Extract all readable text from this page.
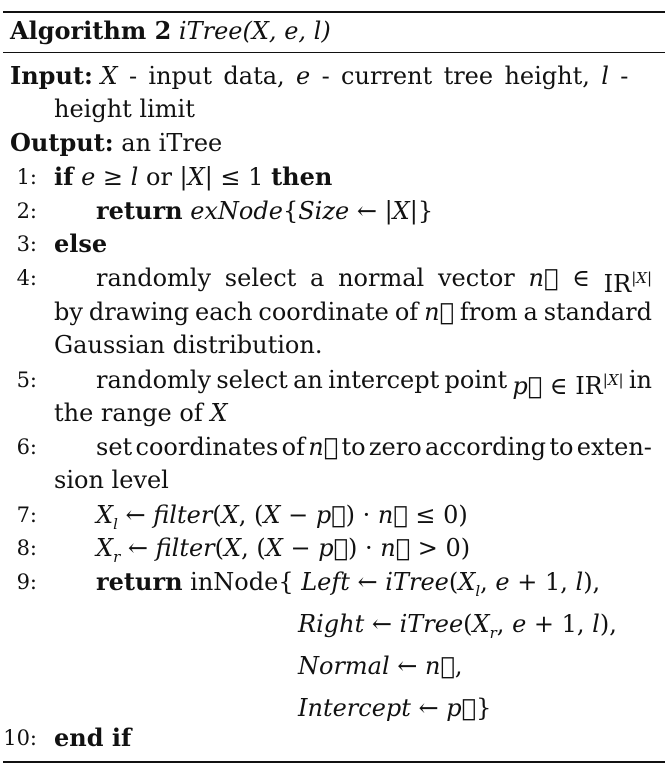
Algorithm 2 iTree(X, e, l)
Input: X - input data, e - current tree height, l -
height limit
Output: an iTree
1: if e ≥ l or |X| ≤ 1 then
2: return exNode{Size ← |X|}
3: else
4: randomly select a normal vector n⃗ ∈ $IR^{|X|}$
by drawing each coordinate of n⃗ from a standard
Gaussian distribution.
5: randomly select an intercept point p⃗ ∈ $IR^{|X|}$ in
the range of X
6: set coordinates of n⃗ to zero according to exten-
sion level
7: $X_l$ ← filter(X, (X − p⃗) · n⃗ ≤ 0)
8: $X_r$ ← filter(X, (X − p⃗) · n⃗ > 0)
9: return inNode{ Left ← $iTree(X_l$, e + 1, l),
Right ← $iTree(X_r$, e + 1, l),
Normal ← n⃗,
Intercept ← p⃗}
10: end if
